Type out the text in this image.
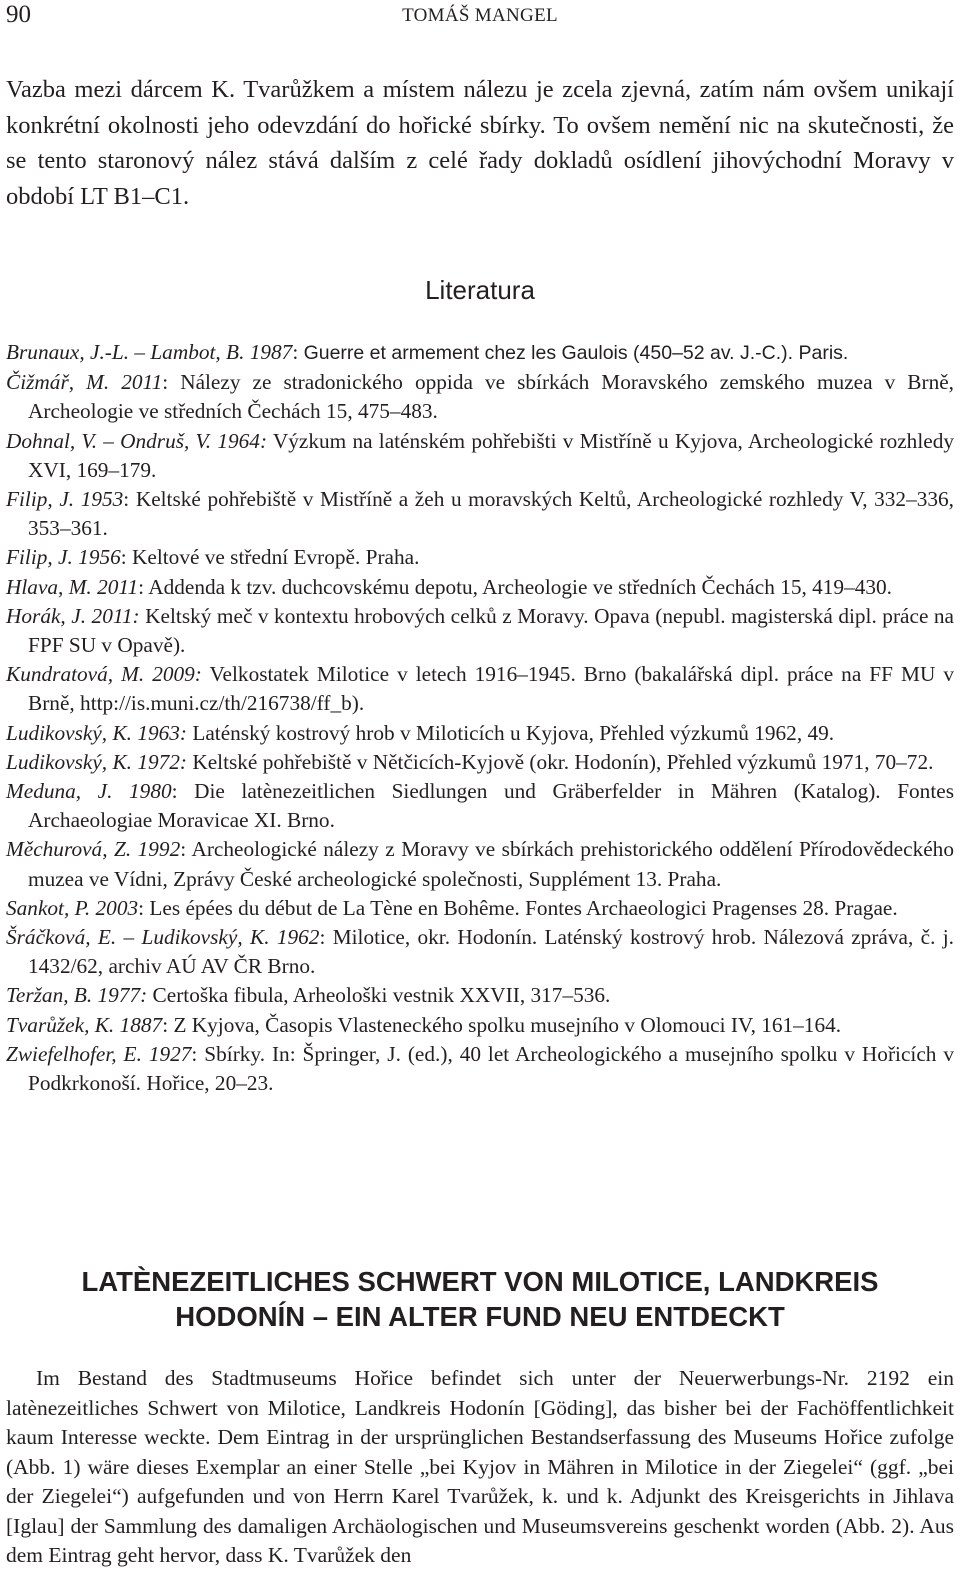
90	TOMÁŠ MANGEL

Vazba mezi dárcem K. Tvarůžkem a místem nálezu je zcela zjevná, zatím nám ovšem unikají konkrétní okolnosti jeho odevzdání do hořické sbírky. To ovšem nemění nic na skutečnosti, že se tento staronový nález stává dalším z celé řady dokladů osídlení jihovýchodní Moravy v období LT B1–C1.

Literatura
Brunaux, J.-L. – Lambot, B. 1987: Guerre et armement chez les Gaulois (450–52 av. J.-C.). Paris.
Čižmář, M. 2011: Nálezy ze stradonického oppida ve sbírkách Moravského zemského muzea v Brně, Archeologie ve středních Čechách 15, 475–483.
Dohnal, V. – Ondruš, V. 1964: Výzkum na laténském pohřebišti v Mistříně u Kyjova, Archeologické rozhledy XVI, 169–179.
Filip, J. 1953: Keltské pohřebiště v Mistříně a žeh u moravských Keltů, Archeologické rozhledy V, 332–336, 353–361.
Filip, J. 1956: Keltové ve střední Evropě. Praha.
Hlava, M. 2011: Addenda k tzv. duchcovskému depotu, Archeologie ve středních Čechách 15, 419–430.
Horák, J. 2011: Keltský meč v kontextu hrobových celků z Moravy. Opava (nepubl. magisterská dipl. práce na FPF SU v Opavě).
Kundratová, M. 2009: Velkostatek Milotice v letech 1916–1945. Brno (bakalářská dipl. práce na FF MU v Brně, http://is.muni.cz/th/216738/ff_b).
Ludikovský, K. 1963: Laténský kostrový hrob v Miloticích u Kyjova, Přehled výzkumů 1962, 49.
Ludikovský, K. 1972: Keltské pohřebiště v Nětčicích-Kyjově (okr. Hodonín), Přehled výzkumů 1971, 70–72.
Meduna, J. 1980: Die latènezeitlichen Siedlungen und Gräberfelder in Mähren (Katalog). Fontes Archaeologiae Moravicae XI. Brno.
Měchurová, Z. 1992: Archeologické nálezy z Moravy ve sbírkách prehistorického oddělení Přírodovědeckého muzea ve Vídni, Zprávy České archeologické společnosti, Supplément 13. Praha.
Sankot, P. 2003: Les épées du début de La Tène en Bohême. Fontes Archaeologici Pragenses 28. Pragae.
Šráčková, E. – Ludikovský, K. 1962: Milotice, okr. Hodonín. Laténský kostrový hrob. Nálezová zpráva, č. j. 1432/62, archiv AÚ AV ČR Brno.
Teržan, B. 1977: Certoška fibula, Arheološki vestnik XXVII, 317–536.
Tvarůžek, K. 1887: Z Kyjova, Časopis Vlasteneckého spolku musejního v Olomouci IV, 161–164.
Zwiefelhofer, E. 1927: Sbírky. In: Špringer, J. (ed.), 40 let Archeologického a musejního spolku v Hořicích v Podkrkonoší. Hořice, 20–23.
LATÈNEZEITLICHES SCHWERT VON MILOTICE, LANDKREIS
HODONÍN – EIN ALTER FUND NEU ENTDECKT
Im Bestand des Stadtmuseums Hořice befindet sich unter der Neuerwerbungs-Nr. 2192 ein latènezeitliches Schwert von Milotice, Landkreis Hodonín [Göding], das bisher bei der Fachöffentlichkeit kaum Interesse weckte. Dem Eintrag in der ursprünglichen Bestandserfassung des Museums Hořice zufolge (Abb. 1) wäre dieses Exemplar an einer Stelle „bei Kyjov in Mähren in Milotice in der Ziegelei“ (ggf. „bei der Ziegelei“) aufgefunden und von Herrn Karel Tvarůžek, k. und k. Adjunkt des Kreisgerichts in Jihlava [Iglau] der Sammlung des damaligen Archäologischen und Museumsvereins geschenkt worden (Abb. 2). Aus dem Eintrag geht hervor, dass K. Tvarůžek den
